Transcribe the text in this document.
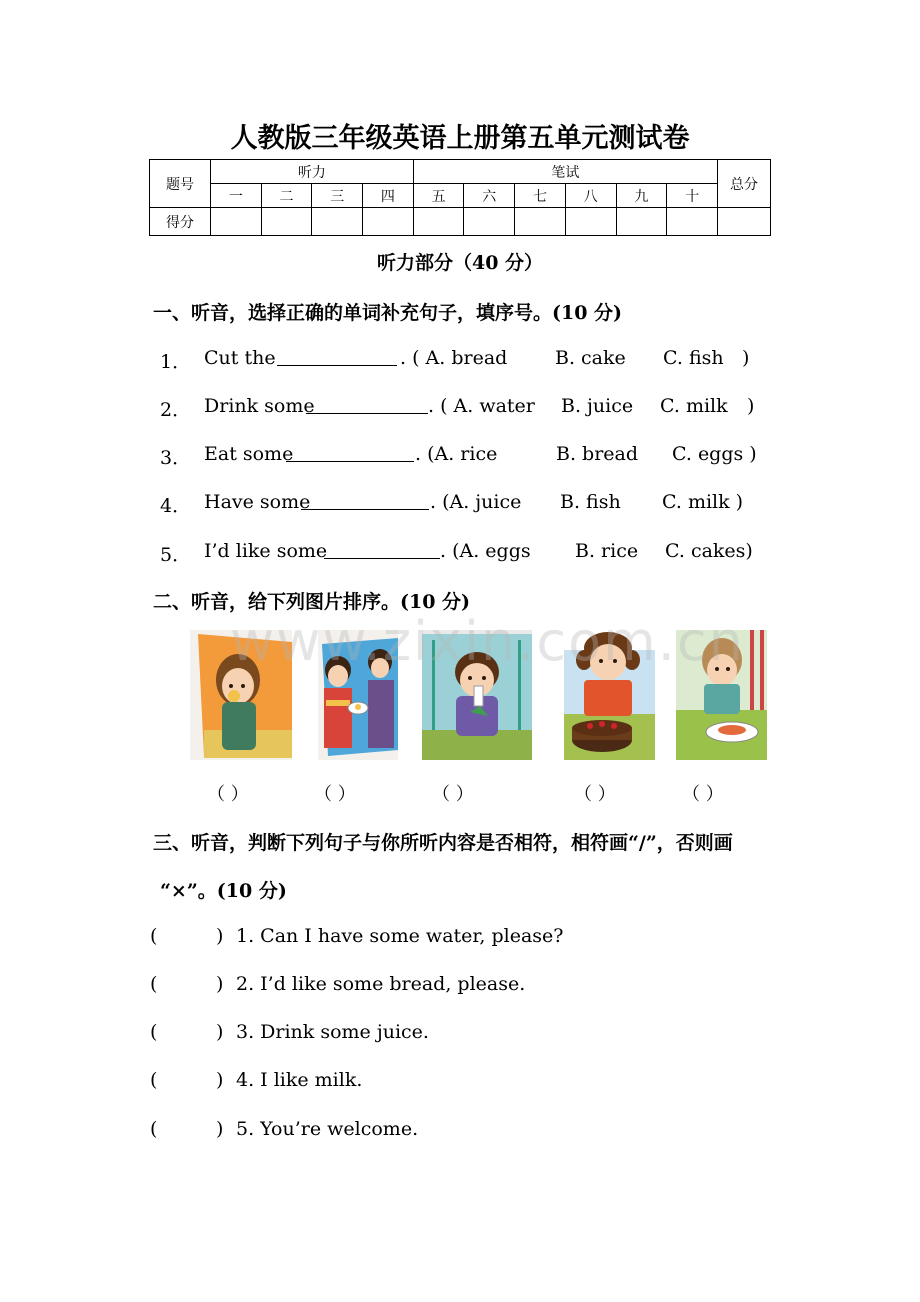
人教版三年级英语上册第五单元测试卷
题号	听力				笔试						总分
	一	二	三	四	五	六	七	八	九	十	
得分											
听力部分（40 分）
一、听音，选择正确的单词补充句子，填序号。(10 分)
1． Cut the	. ( A. bread	B. cake C. fish )
2． Drink some	. ( A. water B. juice C. milk )
3． Eat some	. (A. rice	B. bread C. eggs )
4． Have some	. (A. juice B. fish C. milk )
5． I’d like some	. (A. eggs B. rice C. cakes)
二、听音，给下列图片排序。(10 分)
www.zixin.com.cn
（ ）	（ ）	（ ）	（ ）	（ ）
三、听音，判断下列句子与你所听内容是否相符，相符画“/”，否则画
“×”。(10 分)
(	) 1. Can I have some water, please?
(	) 2. I’d like some bread, please.
(	) 3. Drink some juice.
(	) 4. I like milk.
(	) 5. You’re welcome.
